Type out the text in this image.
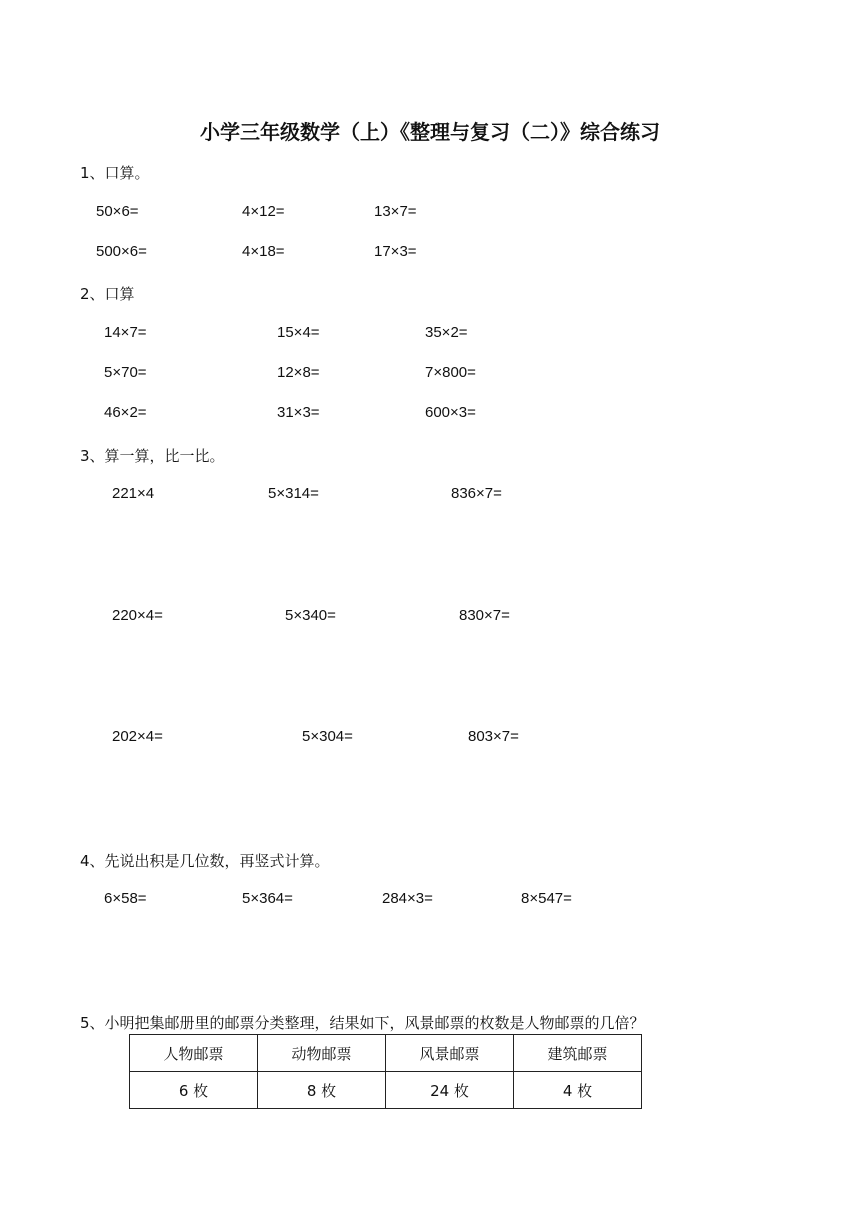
小学三年级数学（上）《整理与复习（二）》综合练习
1、口算。
50×6=	4×12=	13×7=
500×6=	4×18=	17×3=
2、口算
14×7=	15×4=	35×2=
5×70=	12×8=	7×800=
46×2=	31×3=	600×3=
3、算一算，比一比。
221×4	5×314=	836×7=
220×4=	5×340=	830×7=
202×4=	5×304=	803×7=
4、先说出积是几位数，再竖式计算。
6×58=	5×364=	284×3=	8×547=
5、小明把集邮册里的邮票分类整理，结果如下，风景邮票的枚数是人物邮票的几倍？
人物邮票	动物邮票	风景邮票	建筑邮票
6 枚	8 枚	24 枚	4 枚
